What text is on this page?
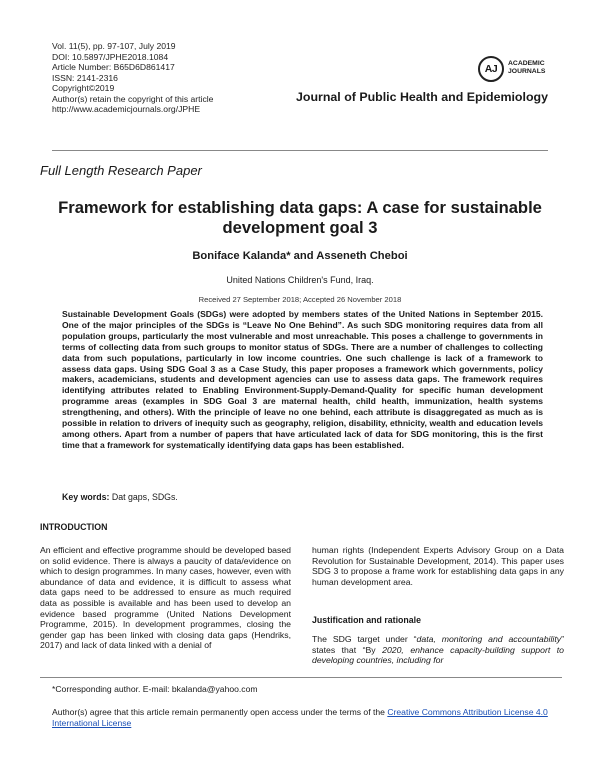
Vol. 11(5), pp. 97-107, July 2019
DOI: 10.5897/JPHE2018.1084
Article Number: B65D6D861417
ISSN: 2141-2316
Copyright©2019
Author(s) retain the copyright of this article
http://www.academicjournals.org/JPHE
AJ	ACADEMIC
JOURNALS
Journal of Public Health and Epidemiology
Full Length Research Paper
Framework for establishing data gaps: A case for sustainable development goal 3
Boniface Kalanda* and Asseneth Cheboi
United Nations Children's Fund, Iraq.
Received 27 September 2018; Accepted 26 November 2018

Sustainable Development Goals (SDGs) were adopted by members states of the United Nations in September 2015. One of the major principles of the SDGs is “Leave No One Behind”. As such SDG monitoring requires data from all population groups, particularly the most vulnerable and most unreachable. This poses a challenge to governments in terms of collecting data from such groups to monitor status of SDGs. There are a number of challenges to collecting data from such populations, particularly in low income countries. One such challenge is lack of a framework to assess data gaps. Using SDG Goal 3 as a Case Study, this paper proposes a framework which governments, policy makers, academicians, students and development agencies can use to assess data gaps. The framework requires identifying attributes related to Enabling Environment-Supply-Demand-Quality for specific human development programme areas (examples in SDG Goal 3 are maternal health, child health, immunization, health systems strengthening, and others). With the principle of leave no one behind, each attribute is disaggregated as much as is possible in relation to drivers of inequity such as geography, religion, disability, ethnicity, wealth and education levels among others. Apart from a number of papers that have articulated lack of data for SDG monitoring, this is the first time that a framework for systematically identifying data gaps has been established.

Key words: Dat gaps, SDGs.
INTRODUCTION

An efficient and effective programme should be developed based on solid evidence. There is always a paucity of data/evidence on which to design programmes. In many cases, however, even with abundance of data and evidence, it is difficult to assess what data gaps need to be addressed to ensure as much required data as possible is available and has been used to develop an evidence based programme (United Nations Development Programme, 2015). In development programmes, closing the gender gap has been linked with closing data gaps (Hendriks, 2017) and lack of data linked with a denial of

human rights (Independent Experts Advisory Group on a Data Revolution for Sustainable Development, 2014). This paper uses SDG 3 to propose a frame work for establishing data gaps in any human development area.

Justification and rationale

The SDG target under “data, monitoring and accountability” states that “By 2020, enhance capacity-building support to developing countries, including for

*Corresponding author. E-mail: bkalanda@yahoo.com
Author(s) agree that this article remain permanently open access under the terms of the Creative Commons Attribution License 4.0 International License
